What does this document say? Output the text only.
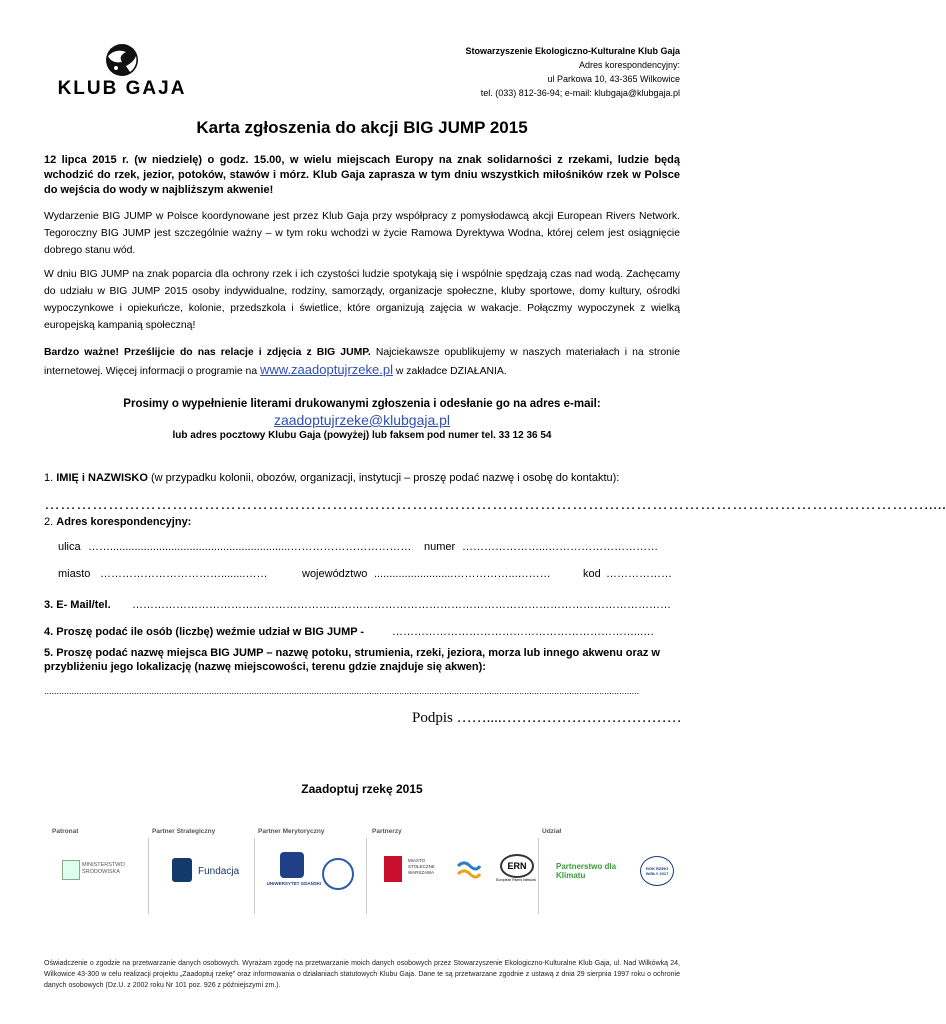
KLUB GAJA
Stowarzyszenie Ekologiczno-Kulturalne Klub Gaja
Adres korespondencyjny:
ul Parkowa 10, 43-365 Wilkowice
tel. (033) 812-36-94; e-mail: klubgaja@klubgaja.pl
Karta zgłoszenia do akcji BIG JUMP 2015

12 lipca 2015 r. (w niedzielę) o godz. 15.00, w wielu miejscach Europy na znak solidarności z rzekami, ludzie będą wchodzić do rzek, jezior, potoków, stawów i mórz. Klub Gaja zaprasza w tym dniu wszystkich miłośników rzek w Polsce do wejścia do wody w najbliższym akwenie!

Wydarzenie BIG JUMP w Polsce koordynowane jest przez Klub Gaja przy współpracy z pomysłodawcą akcji European Rivers Network. Tegoroczny BIG JUMP jest szczególnie ważny – w tym roku wchodzi w życie Ramowa Dyrektywa Wodna, której celem jest osiągnięcie dobrego stanu wód.

W dniu BIG JUMP na znak poparcia dla ochrony rzek i ich czystości ludzie spotykają się i wspólnie spędzają czas nad wodą. Zachęcamy do udziału w BIG JUMP 2015 osoby indywidualne, rodziny, samorządy, organizacje społeczne, kluby sportowe, domy kultury, ośrodki wypoczynkowe i opiekuńcze, kolonie, przedszkola i świetlice, które organizują zajęcia w wakacje. Połączmy wypoczynek z wielką europejską kampanią społeczną!

Bardzo ważne! Prześlijcie do nas relacje i zdjęcia z BIG JUMP. Najciekawsze opublikujemy w naszych materiałach i na stronie internetowej. Więcej informacji o programie na www.zaadoptujrzeke.pl w zakładce DZIAŁANIA.

Prosimy o wypełnienie literami drukowanymi zgłoszenia i odesłanie go na adres e-mail:
zaadoptujrzeke@klubgaja.pl
lub adres pocztowy Klubu Gaja (powyżej) lub faksem pod numer tel. 33 12 36 54
1. IMIĘ i NAZWISKO (w przypadku kolonii, obozów, organizacji, instytucji – proszę podać nazwę i osobę do kontaktu):
………………………………………………………………………………………………………………………………………………….....
2. Adres korespondencyjny:
ulica ……...........................................................……………………………	numer …………………...…………………………
miasto ……………………………........……	województwo ..........................……………...………	kod ………………
3. E- Mail/tel. …………………………………………………………………………………………………………………………………
4. Proszę podać ile osób (liczbę) weźmie udział w BIG JUMP -	…………………………………………………………...…
5. Proszę podać nazwę miejsca BIG JUMP – nazwę potoku, strumienia, rzeki, jeziora, morza lub innego akwenu oraz w przybliżeniu jego lokalizację (nazwę miejscowości, terenu gdzie znajduje się akwen):
..............................................................................................................................................................................................................................................
Podpis ……....………………………………
Zaadoptuj rzekę 2015
Patronat	Partner Strategiczny	Partner Merytoryczny	Partnerzy	Udział
MINISTERSTWO ŚRODOWISKA	Fundacja
UNIWERSYTET GDAŃSKI
MIASTO STOŁECZNE WARSZAWA
ERN
European Rivers Network
Partnerstwo dla Klimatu
ROK RZEKI WISŁY 2017
Oświadczenie o zgodzie na przetwarzanie danych osobowych. Wyrażam zgodę na przetwarzanie moich danych osobowych przez Stowarzyszenie Ekologiczno-Kulturalne Klub Gaja, ul. Nad Wilkówką 24, Wilkowice 43-300 w celu realizacji projektu „Zaadoptuj rzekę” oraz informowania o działaniach statutowych Klubu Gaja. Dane te są przetwarzane zgodnie z ustawą z dnia 29 sierpnia 1997 roku o ochronie danych osobowych (Dz.U. z 2002 roku Nr 101 poz. 926 z późniejszymi zm.).
